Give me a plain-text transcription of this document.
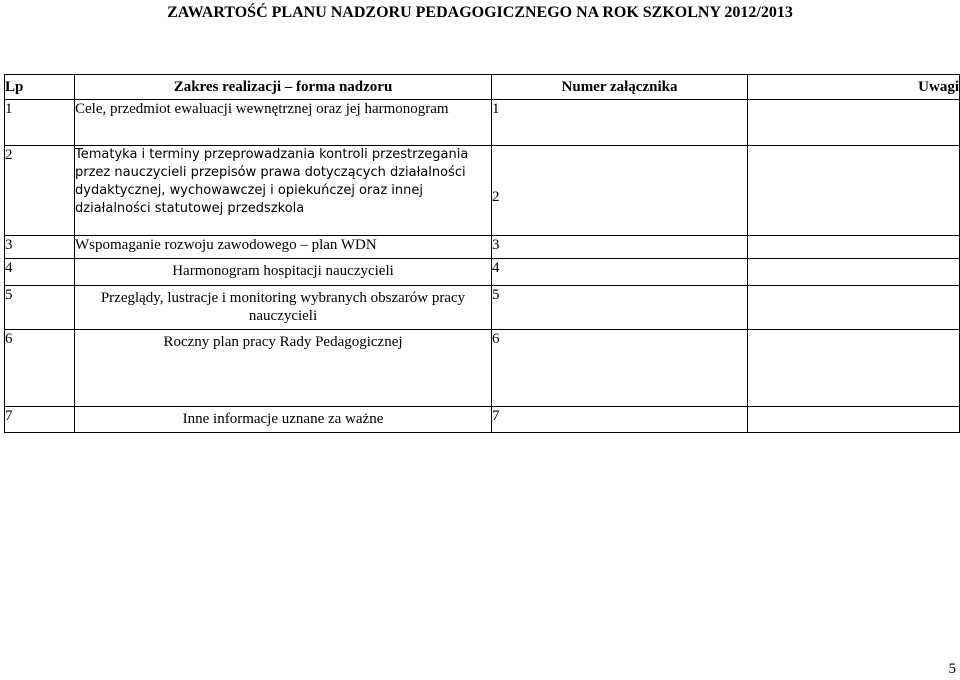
ZAWARTOŚĆ PLANU NADZORU PEDAGOGICZNEGO NA ROK SZKOLNY 2012/2013
Lp	Zakres realizacji – forma nadzoru	Numer załącznika	Uwagi
1	Cele, przedmiot ewaluacji wewnętrznej oraz jej harmonogram	1	
2	Tematyka i terminy przeprowadzania kontroli przestrzegania przez nauczycieli przepisów prawa dotyczących działalności dydaktycznej, wychowawczej i opiekuńczej oraz innej działalności statutowej przedszkola	2	
3	Wspomaganie rozwoju zawodowego – plan WDN	3	
4	Harmonogram hospitacji nauczycieli	4	
5	Przeglądy, lustracje i monitoring wybranych obszarów pracy nauczycieli	5	
6	Roczny plan pracy Rady Pedagogicznej	6	
7	Inne informacje uznane za ważne	7	
5
